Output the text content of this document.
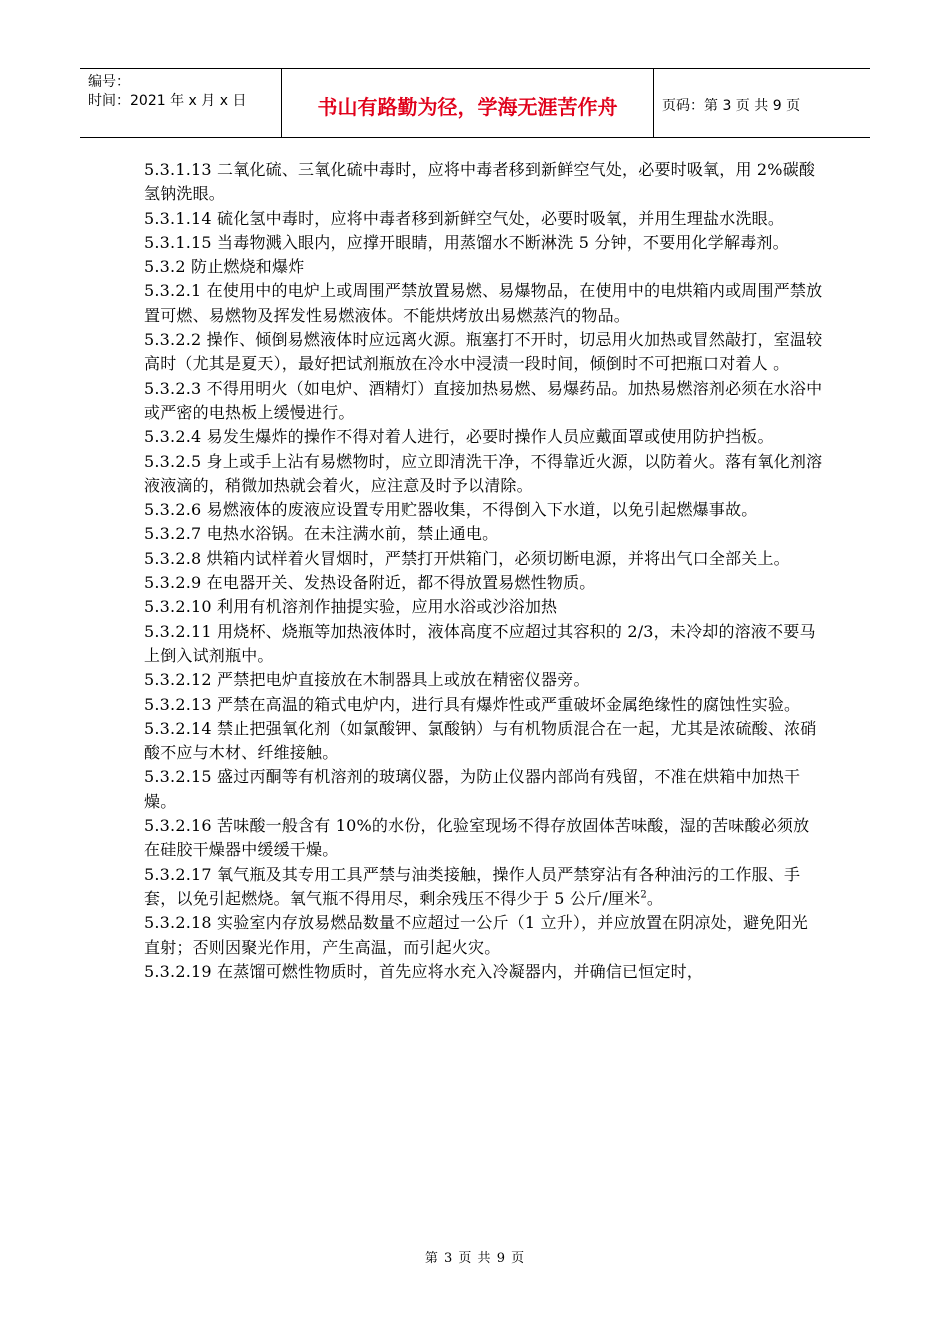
编号：
时间：2021 年 x 月 x 日	书山有路勤为径，学海无涯苦作舟	页码：第 3 页 共 9 页

5.3.1.13 二氧化硫、三氧化硫中毒时，应将中毒者移到新鲜空气处，必要时吸氧，用 2%碳酸氢钠洗眼。

5.3.1.14 硫化氢中毒时，应将中毒者移到新鲜空气处，必要时吸氧，并用生理盐水洗眼。

5.3.1.15 当毒物溅入眼内，应撑开眼睛，用蒸馏水不断淋洗 5 分钟，不要用化学解毒剂。

5.3.2 防止燃烧和爆炸

5.3.2.1 在使用中的电炉上或周围严禁放置易燃、易爆物品，在使用中的电烘箱内或周围严禁放置可燃、易燃物及挥发性易燃液体。不能烘烤放出易燃蒸汽的物品。

5.3.2.2 操作、倾倒易燃液体时应远离火源。瓶塞打不开时，切忌用火加热或冒然敲打，室温较高时（尤其是夏天），最好把试剂瓶放在冷水中浸渍一段时间，倾倒时不可把瓶口对着人 。

5.3.2.3 不得用明火（如电炉、酒精灯）直接加热易燃、易爆药品。加热易燃溶剂必须在水浴中或严密的电热板上缓慢进行。

5.3.2.4 易发生爆炸的操作不得对着人进行，必要时操作人员应戴面罩或使用防护挡板。

5.3.2.5 身上或手上沾有易燃物时，应立即清洗干净，不得靠近火源，以防着火。落有氧化剂溶液液滴的，稍微加热就会着火，应注意及时予以清除。

5.3.2.6 易燃液体的废液应设置专用贮器收集，不得倒入下水道，以免引起燃爆事故。

5.3.2.7 电热水浴锅。在未注满水前，禁止通电。

5.3.2.8 烘箱内试样着火冒烟时，严禁打开烘箱门，必须切断电源，并将出气口全部关上。

5.3.2.9 在电器开关、发热设备附近，都不得放置易燃性物质。

5.3.2.10 利用有机溶剂作抽提实验，应用水浴或沙浴加热

5.3.2.11 用烧杯、烧瓶等加热液体时，液体高度不应超过其容积的 2/3，未冷却的溶液不要马上倒入试剂瓶中。

5.3.2.12 严禁把电炉直接放在木制器具上或放在精密仪器旁。

5.3.2.13 严禁在高温的箱式电炉内，进行具有爆炸性或严重破坏金属绝缘性的腐蚀性实验。

5.3.2.14 禁止把强氧化剂（如氯酸钾、氯酸钠）与有机物质混合在一起，尤其是浓硫酸、浓硝酸不应与木材、纤维接触。

5.3.2.15 盛过丙酮等有机溶剂的玻璃仪器，为防止仪器内部尚有残留，不准在烘箱中加热干燥。

5.3.2.16 苦味酸一般含有 10%的水份，化验室现场不得存放固体苦味酸，湿的苦味酸必须放在硅胶干燥器中缓缓干燥。

5.3.2.17 氧气瓶及其专用工具严禁与油类接触，操作人员严禁穿沾有各种油污的工作服、手套，以免引起燃烧。氧气瓶不得用尽，剩余残压不得少于 5 公斤/厘米$^2$。

5.3.2.18 实验室内存放易燃品数量不应超过一公斤（1 立升），并应放置在阴凉处，避免阳光直射；否则因聚光作用，产生高温，而引起火灾。

5.3.2.19 在蒸馏可燃性物质时，首先应将水充入冷凝器内，并确信已恒定时，

第 3 页 共 9 页
